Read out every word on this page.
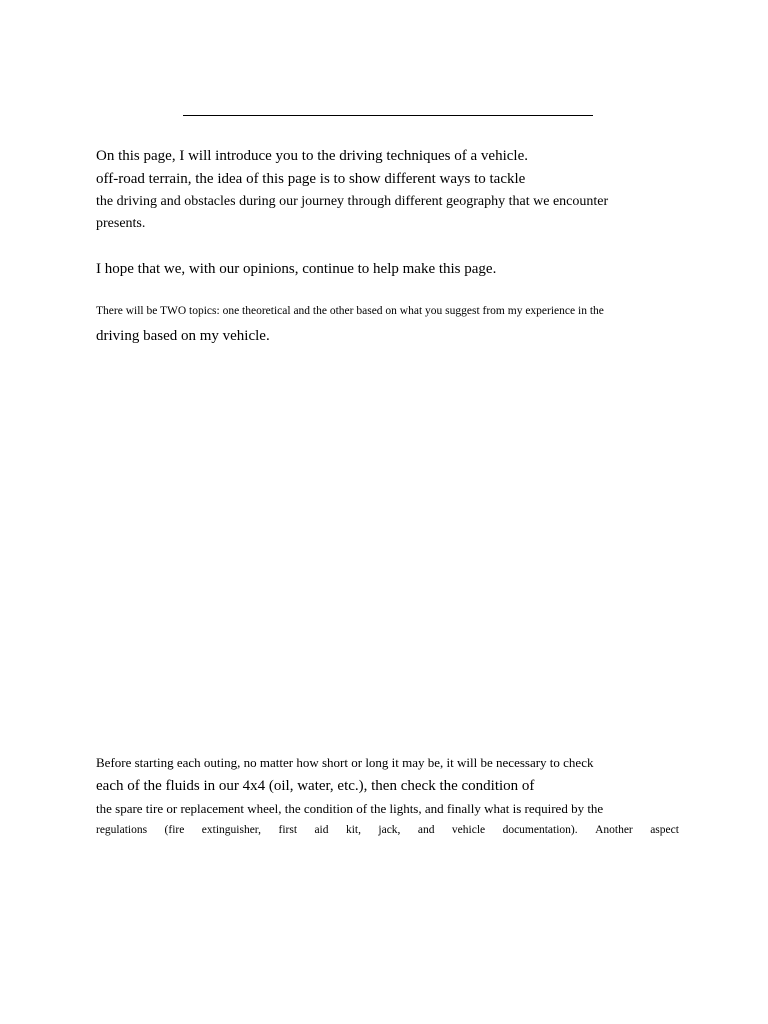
On this page, I will introduce you to the driving techniques of a vehicle.
off-road terrain, the idea of this page is to show different ways to tackle
the driving and obstacles during our journey through different geography that we encounter
presents.
I hope that we, with our opinions, continue to help make this page.
There will be TWO topics: one theoretical and the other based on what you suggest from my experience in the
driving based on my vehicle.
Before starting each outing, no matter how short or long it may be, it will be necessary to check
each of the fluids in our 4x4 (oil, water, etc.), then check the condition of
the spare tire or replacement wheel, the condition of the lights, and finally what is required by the
regulations (fire extinguisher, first aid kit, jack, and vehicle documentation). Another aspect
